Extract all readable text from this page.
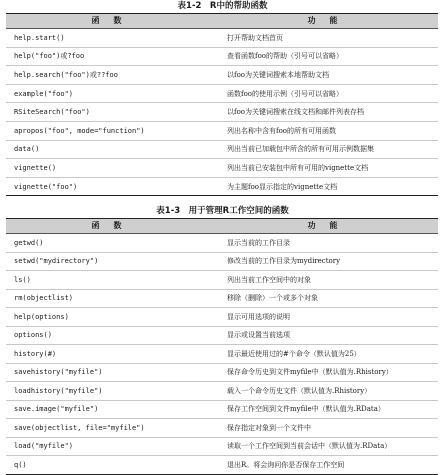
表1-2　R中的帮助函数
函数	功能
help.start()	打开帮助文档首页
help("foo")或?foo	查看函数foo的帮助（引号可以省略）
help.search("foo")或??foo	以foo为关键词搜索本地帮助文档
example("foo")	函数foo的使用示例（引号可以省略）
RSiteSearch("foo")	以foo为关键词搜索在线文档和邮件列表存档
apropos("foo", mode="function")	列出名称中含有foo的所有可用函数
data()	列出当前已加载包中所含的所有可用示例数据集
vignette()	列出当前已安装包中所有可用的vignette文档
vignette("foo")	为主题foo显示指定的vignette文档
表1-3　用于管理R工作空间的函数
函数	功能
getwd()	显示当前的工作目录
setwd("mydirectory")	修改当前的工作目录为mydirectory
ls()	列出当前工作空间中的对象
rm(objectlist)	移除（删除）一个或多个对象
help(options)	显示可用选项的说明
options()	显示或设置当前选项
history(#)	显示最近使用过的#个命令（默认值为25）
savehistory("myfile")	保存命令历史到文件myfile中（默认值为.Rhistory）
loadhistory("myfile")	载入一个命令历史文件（默认值为.Rhistory）
save.image("myfile")	保存工作空间到文件myfile中（默认值为.RData）
save(objectlist, file="myfile")	保存指定对象到一个文件中
load("myfile")	读取一个工作空间到当前会话中（默认值为.RData）
q()	退出R。将会询问你是否保存工作空间
